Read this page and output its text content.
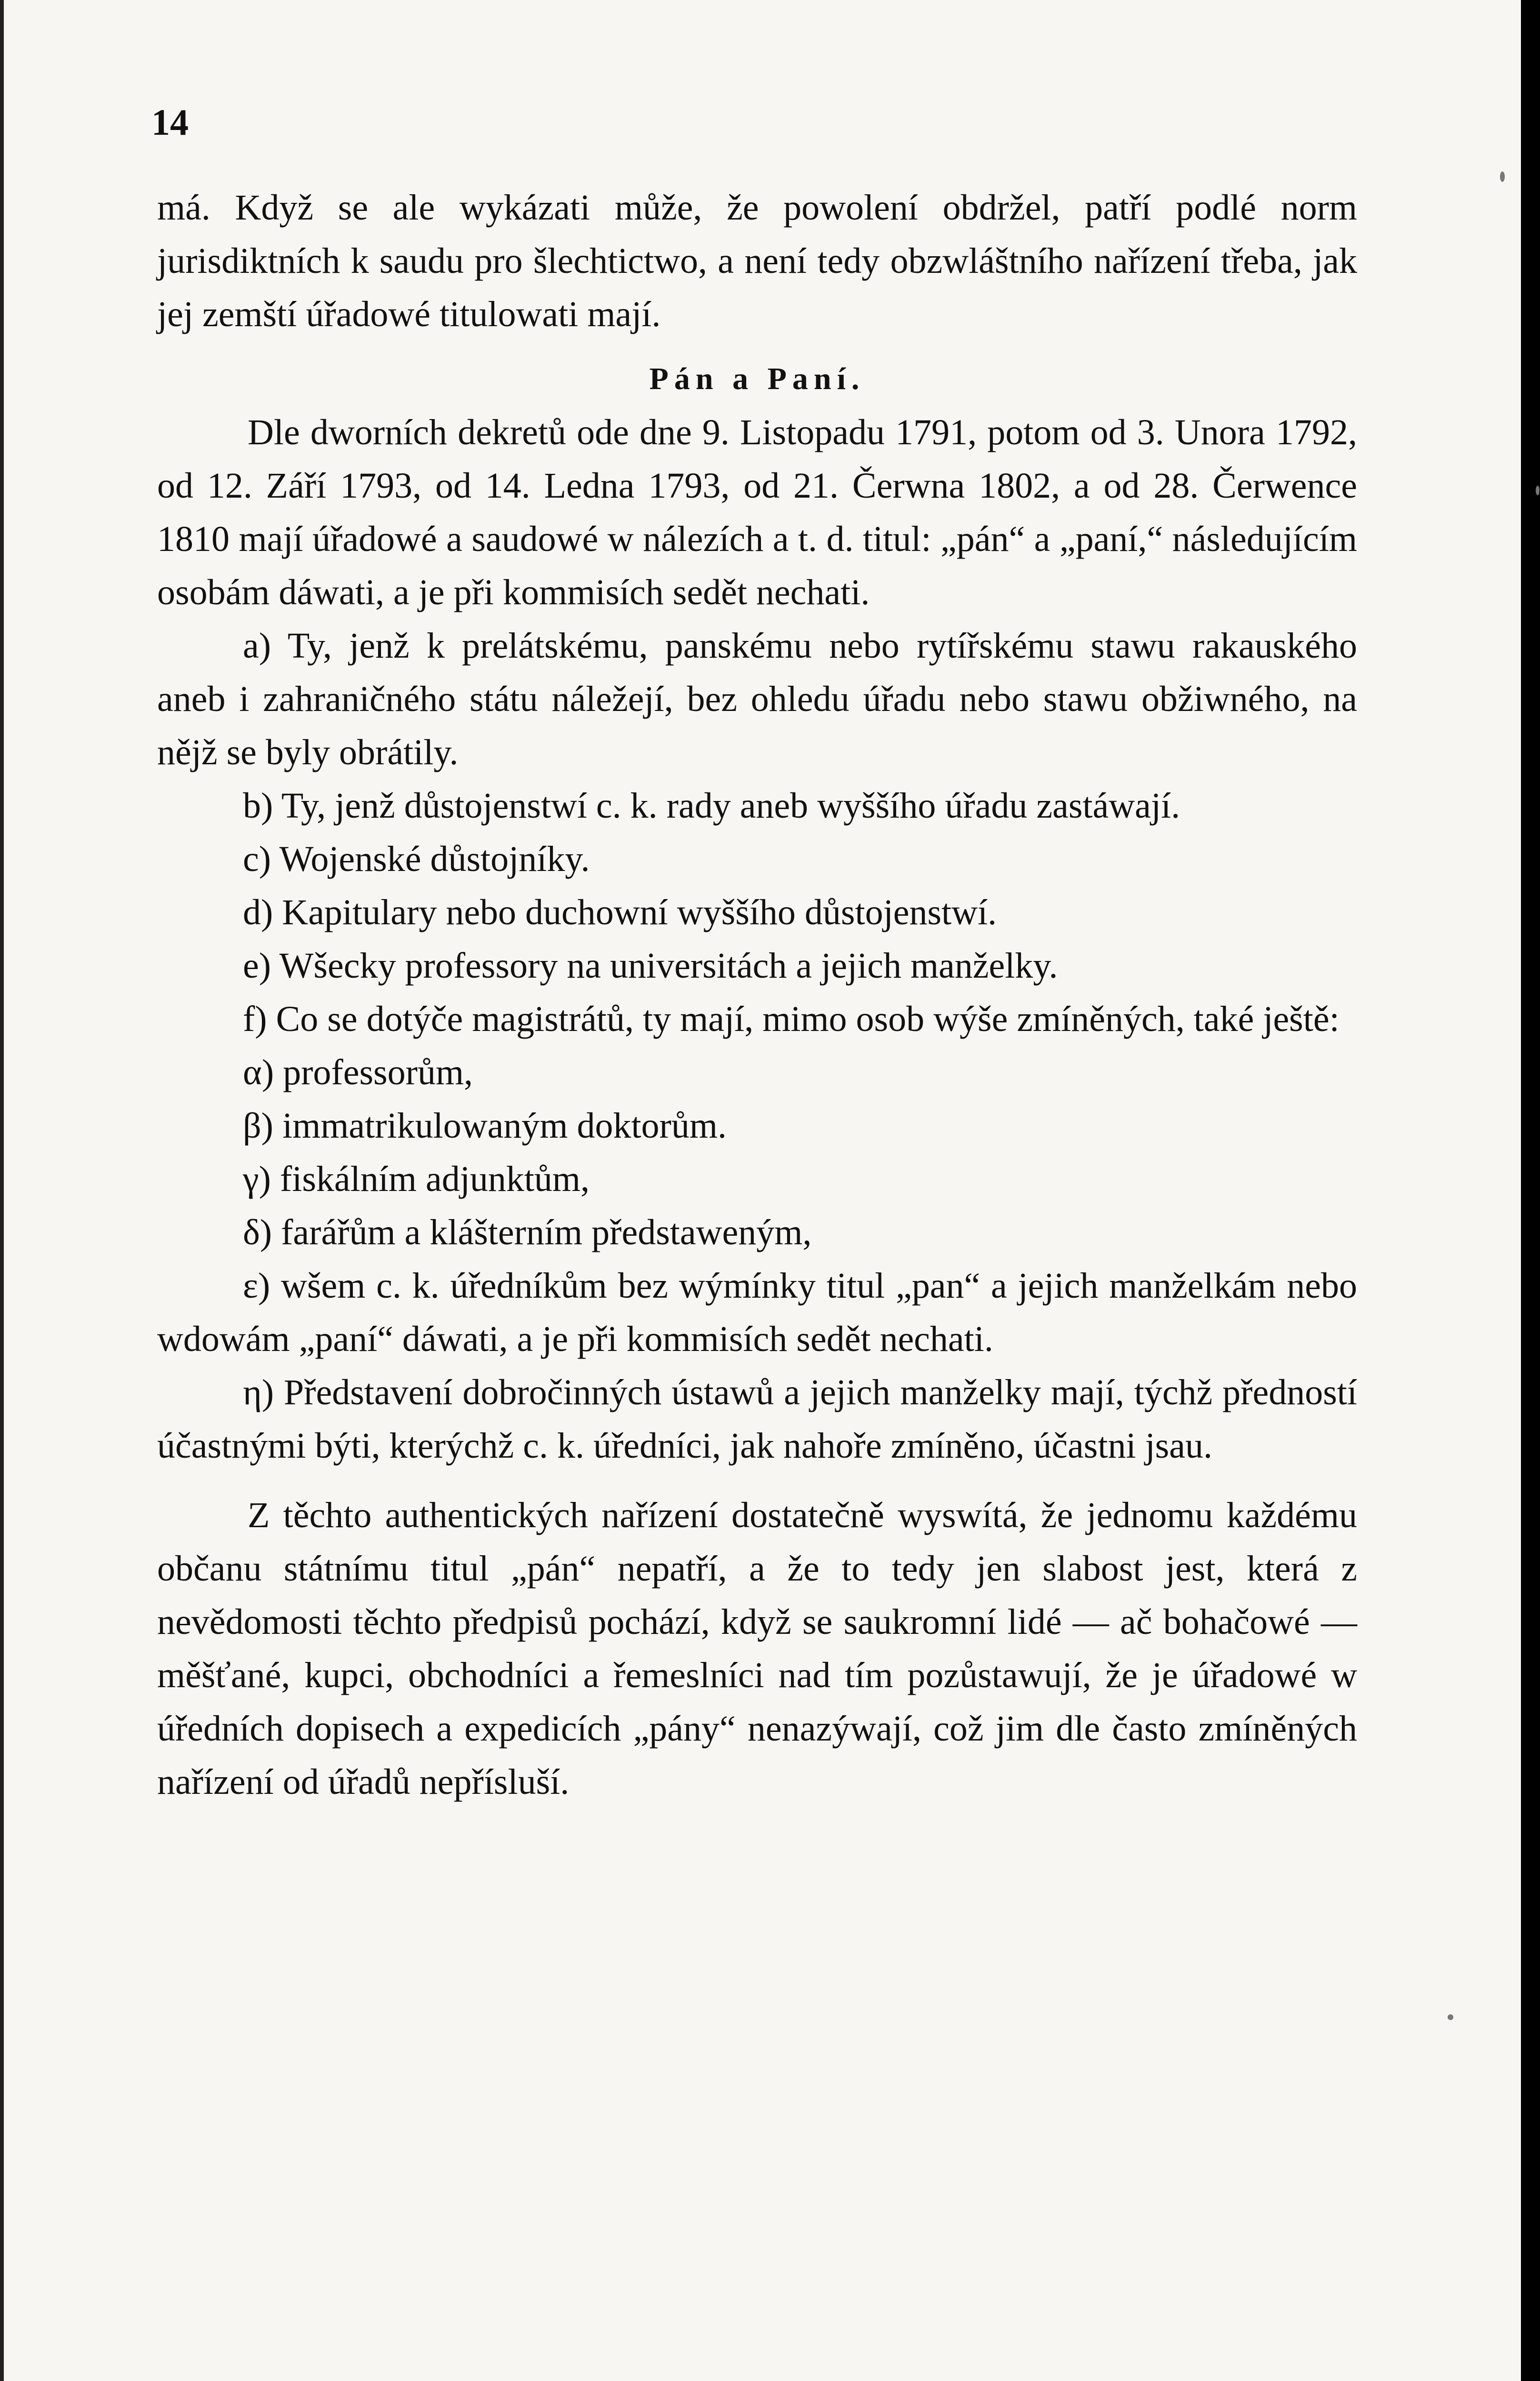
14

má. Když se ale wykázati může, že powolení obdržel, patří podlé norm jurisdiktních k saudu pro šlechtictwo, a není tedy obzwláštního nařízení třeba, jak jej zemští úřadowé titulowati mají.

Pán a Paní.

Dle dworních dekretů ode dne 9. Listopadu 1791, potom od 3. Unora 1792, od 12. Září 1793, od 14. Ledna 1793, od 21. Čerwna 1802, a od 28. Čerwence 1810 mají úřadowé a saudowé w nálezích a t. d. titul: „pán“ a „paní,“ následujícím osobám dáwati, a je při kommisích sedět nechati.

a) Ty, jenž k prelátskému, panskému nebo rytířskému stawu rakauského aneb i zahraničného státu náležejí, bez ohledu úřadu nebo stawu obžiwného, na nějž se byly obrátily.

b) Ty, jenž důstojenstwí c. k. rady aneb wyššího úřadu zastáwají.

c) Wojenské důstojníky.

d) Kapitulary nebo duchowní wyššího důstojenstwí.

e) Wšecky professory na universitách a jejich manželky.

f) Co se dotýče magistrátů, ty mají, mimo osob wýše zmíněných, také ještě:

α) professorům,

β) immatrikulowaným doktorům.

γ) fiskálním adjunktům,

δ) farářům a klášterním předstaweným,

ε) wšem c. k. úředníkům bez wýmínky titul „pan“ a jejich manželkám nebo wdowám „paní“ dáwati, a je při kommisích sedět nechati.

η) Představení dobročinných ústawů a jejich manželky mají, týchž předností účastnými býti, kterýchž c. k. úředníci, jak nahoře zmíněno, účastni jsau.

Z těchto authentických nařízení dostatečně wyswítá, že jednomu každému občanu státnímu titul „pán“ nepatří, a že to tedy jen slabost jest, která z nevědomosti těchto předpisů pochází, když se saukromní lidé — ač bohačowé — měšťané, kupci, obchodníci a řemeslníci nad tím pozůstawují, že je úřadowé w úředních dopisech a expedicích „pány“ nenazýwají, což jim dle často zmíněných nařízení od úřadů nepřísluší.
